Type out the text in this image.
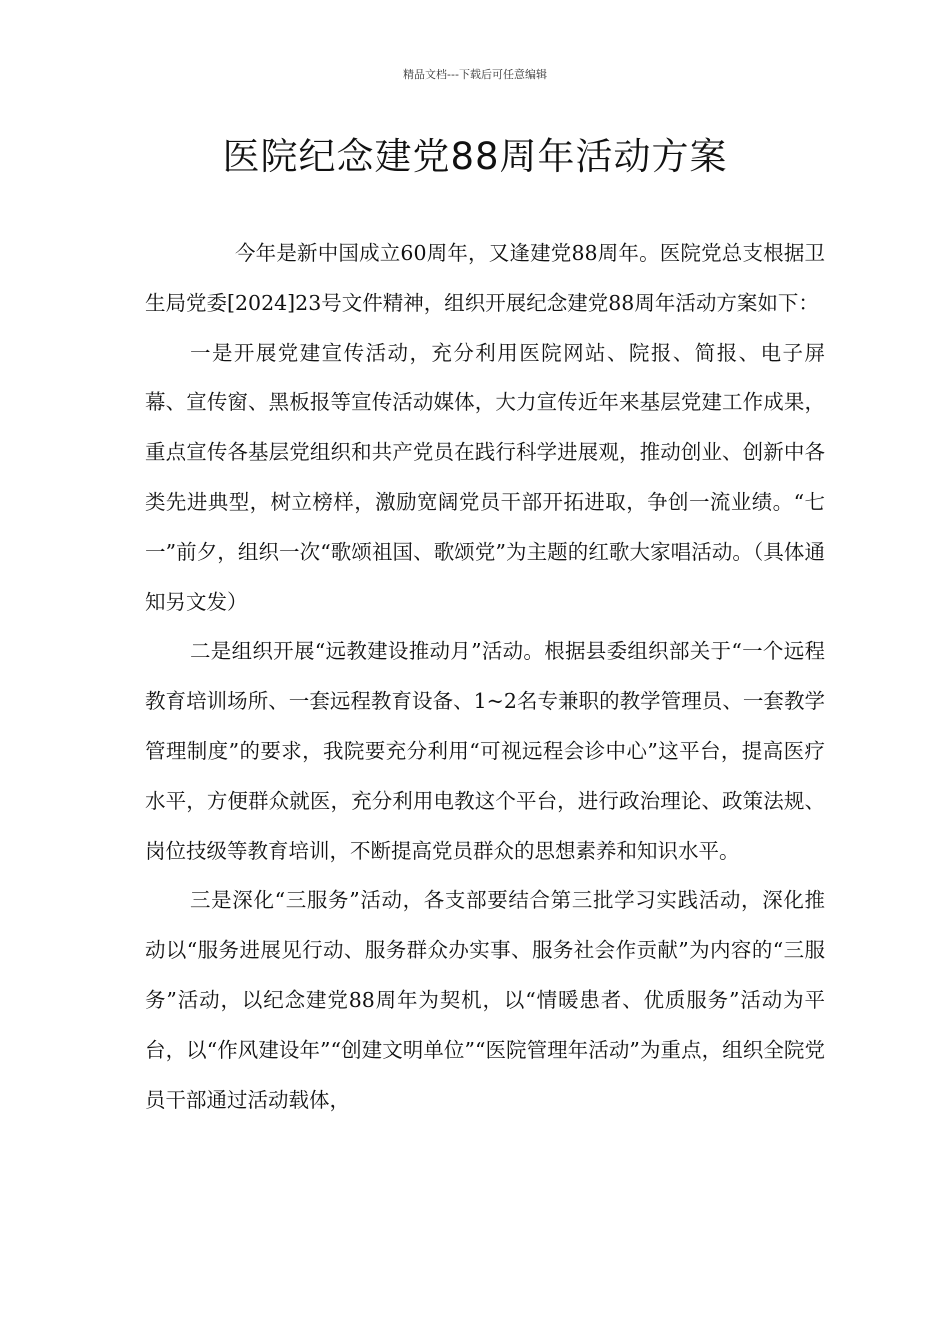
精品文档---下载后可任意编辑
医院纪念建党88周年活动方案

今年是新中国成立60周年，又逢建党88周年。医院党总支根据卫生局党委[2024]23号文件精神，组织开展纪念建党88周年活动方案如下：

一是开展党建宣传活动，充分利用医院网站、院报、简报、电子屏幕、宣传窗、黑板报等宣传活动媒体，大力宣传近年来基层党建工作成果，重点宣传各基层党组织和共产党员在践行科学进展观，推动创业、创新中各类先进典型，树立榜样，激励宽阔党员干部开拓进取，争创一流业绩。“七一”前夕，组织一次“歌颂祖国、歌颂党”为主题的红歌大家唱活动。（具体通知另文发）

二是组织开展“远教建设推动月”活动。根据县委组织部关于“一个远程教育培训场所、一套远程教育设备、1~2名专兼职的教学管理员、一套教学管理制度”的要求，我院要充分利用“可视远程会诊中心”这平台，提高医疗水平，方便群众就医，充分利用电教这个平台，进行政治理论、政策法规、岗位技级等教育培训，不断提高党员群众的思想素养和知识水平。

三是深化“三服务”活动，各支部要结合第三批学习实践活动，深化推动以“服务进展见行动、服务群众办实事、服务社会作贡献”为内容的“三服务”活动，以纪念建党88周年为契机，以“情暖患者、优质服务”活动为平台，以“作风建设年”“创建文明单位”“医院管理年活动”为重点，组织全院党员干部通过活动载体，
